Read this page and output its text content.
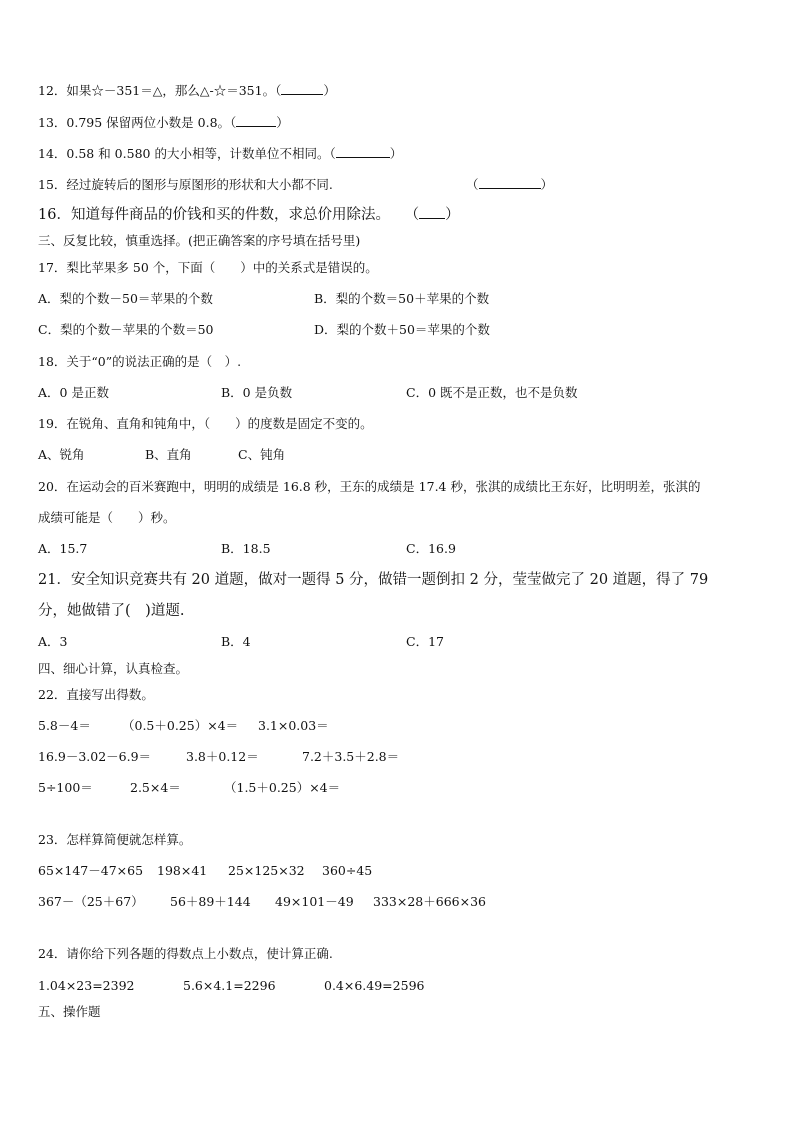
12．如果☆－351＝△，那么△-☆＝351。（	）
13．0.795 保留两位小数是 0.8。（	）
14．0.58 和 0.580 的大小相等，计数单位不相同。（	）
15．经过旋转后的图形与原图形的形状和大小都不同.	（	）
16．知道每件商品的价钱和买的件数，求总价用除法。 （ ）
三、反复比较，慎重选择。(把正确答案的序号填在括号里)
17．梨比苹果多 50 个，下面（　　）中的关系式是错误的。
A．梨的个数－50＝苹果的个数	B．梨的个数＝50＋苹果的个数
C．梨的个数－苹果的个数＝50	D．梨的个数＋50＝苹果的个数
18．关于“0”的说法正确的是（　）.
A．0 是正数	B．0 是负数	C．0 既不是正数，也不是负数
19．在锐角、直角和钝角中，（　　）的度数是固定不变的。
A、锐角	B、直角	C、钝角
20．在运动会的百米赛跑中，明明的成绩是 16.8 秒，王东的成绩是 17.4 秒，张淇的成绩比王东好，比明明差，张淇的
成绩可能是（　　）秒。
A．15.7	B．18.5	C．16.9
21．安全知识竞赛共有 20 道题，做对一题得 5 分，做错一题倒扣 2 分，莹莹做完了 20 道题，得了 79
分，她做错了(　)道题.
A．3	B．4	C．17
四、细心计算，认真检查。
22．直接写出得数。
5.8－4＝ （0.5＋0.25）×4＝ 3.1×0.03＝
16.9－3.02－6.9＝	3.8＋0.12＝	7.2＋3.5＋2.8＝
5÷100＝	2.5×4＝	（1.5＋0.25）×4＝
23．怎样算简便就怎样算。
65×147－47×65 198×41 25×125×32 360÷45
367－（25＋67） 56＋89＋144 49×101－49 333×28＋666×36
24．请你给下列各题的得数点上小数点，使计算正确.
1.04×23=2392	5.6×4.1=2296	0.4×6.49=2596
五、操作题
